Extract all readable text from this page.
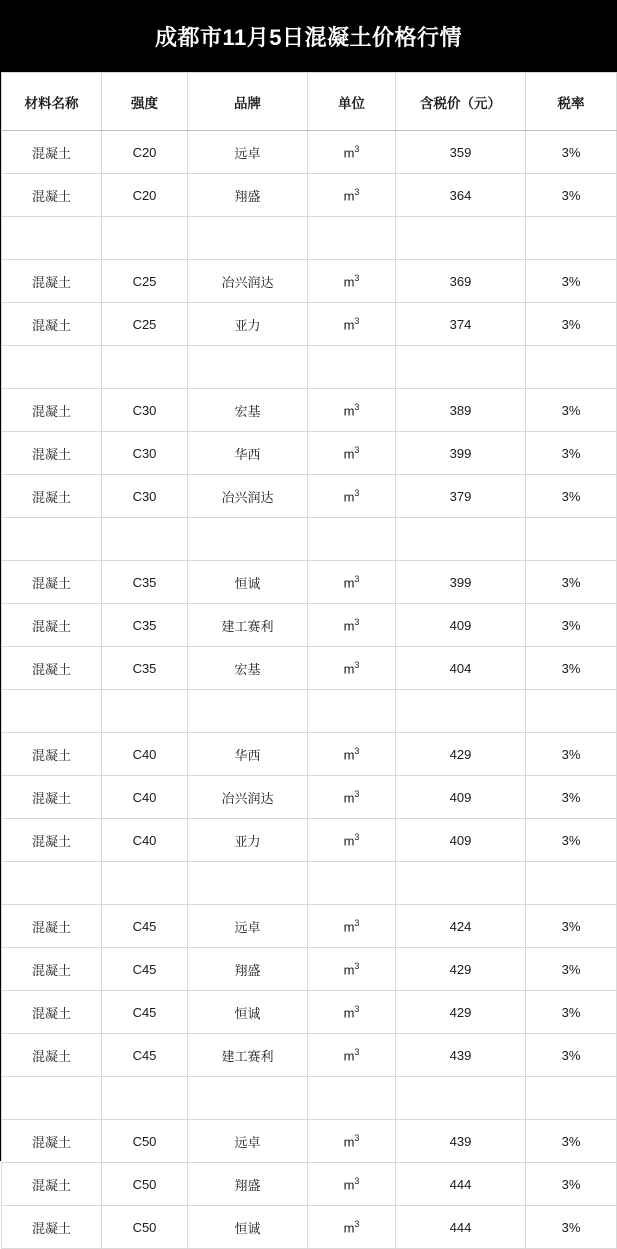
成都市11月5日混凝土价格行情
材料名称	强度	品牌	单位	含税价（元）	税率
混凝土	C20	远卓	$m^3$	359	3%
混凝土	C20	翔盛	$m^3$	364	3%

混凝土	C25	冶兴润达	$m^3$	369	3%
混凝土	C25	亚力	$m^3$	374	3%

混凝土	C30	宏基	$m^3$	389	3%
混凝土	C30	华西	$m^3$	399	3%
混凝土	C30	冶兴润达	$m^3$	379	3%

混凝土	C35	恒诚	$m^3$	399	3%
混凝土	C35	建工赛利	$m^3$	409	3%
混凝土	C35	宏基	$m^3$	404	3%

混凝土	C40	华西	$m^3$	429	3%
混凝土	C40	冶兴润达	$m^3$	409	3%
混凝土	C40	亚力	$m^3$	409	3%

混凝土	C45	远卓	$m^3$	424	3%
混凝土	C45	翔盛	$m^3$	429	3%
混凝土	C45	恒诚	$m^3$	429	3%
混凝土	C45	建工赛利	$m^3$	439	3%

混凝土	C50	远卓	$m^3$	439	3%
混凝土	C50	翔盛	$m^3$	444	3%
混凝土	C50	恒诚	$m^3$	444	3%
